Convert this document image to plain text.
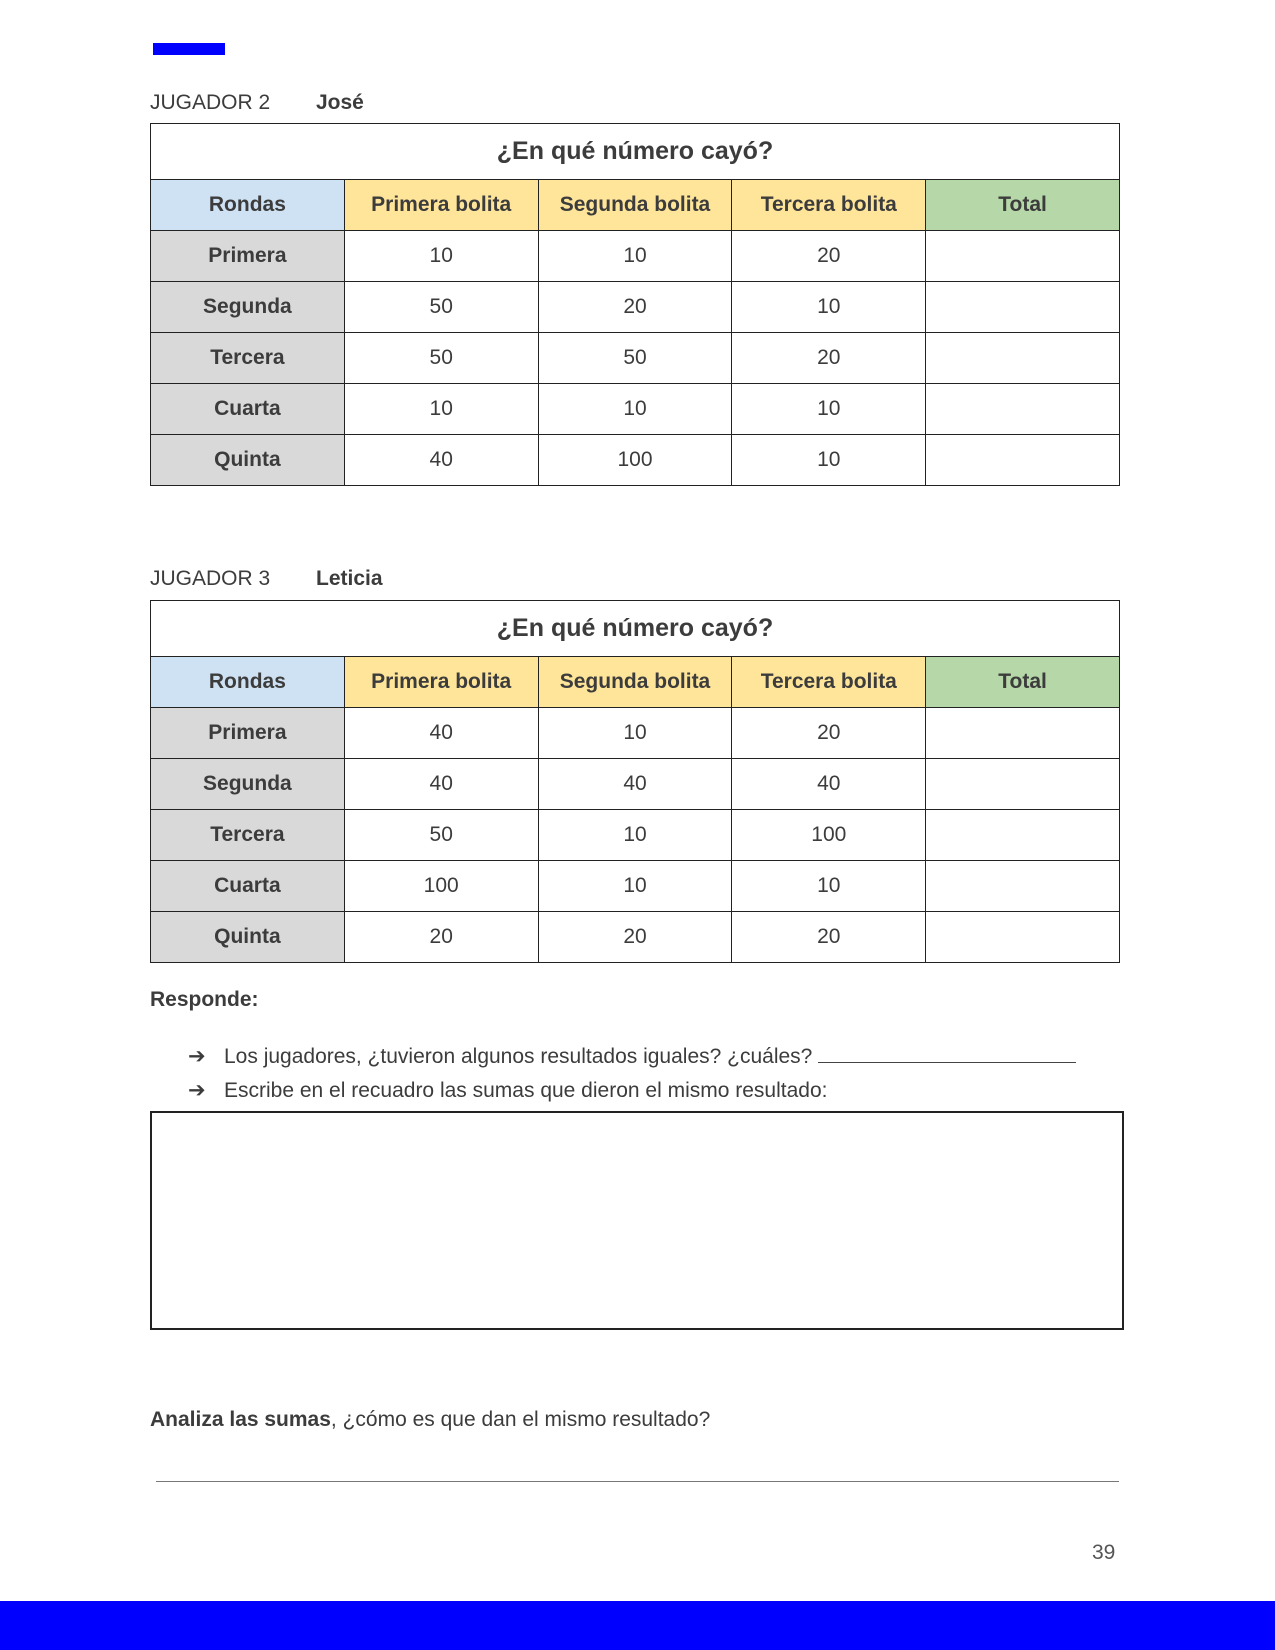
JUGADOR 2 José
¿En qué número cayó?				
Rondas	Primera bolita	Segunda bolita	Tercera bolita	Total
Primera	10	10	20	
Segunda	50	20	10	
Tercera	50	50	20	
Cuarta	10	10	10	
Quinta	40	100	10	
JUGADOR 3 Leticia
¿En qué número cayó?				
Rondas	Primera bolita	Segunda bolita	Tercera bolita	Total
Primera	40	10	20	
Segunda	40	40	40	
Tercera	50	10	100	
Cuarta	100	10	10	
Quinta	20	20	20	
Responde:
➔ Los jugadores, ¿tuvieron algunos resultados iguales? ¿cuáles?
➔ Escribe en el recuadro las sumas que dieron el mismo resultado:
Analiza las sumas, ¿cómo es que dan el mismo resultado?
39
